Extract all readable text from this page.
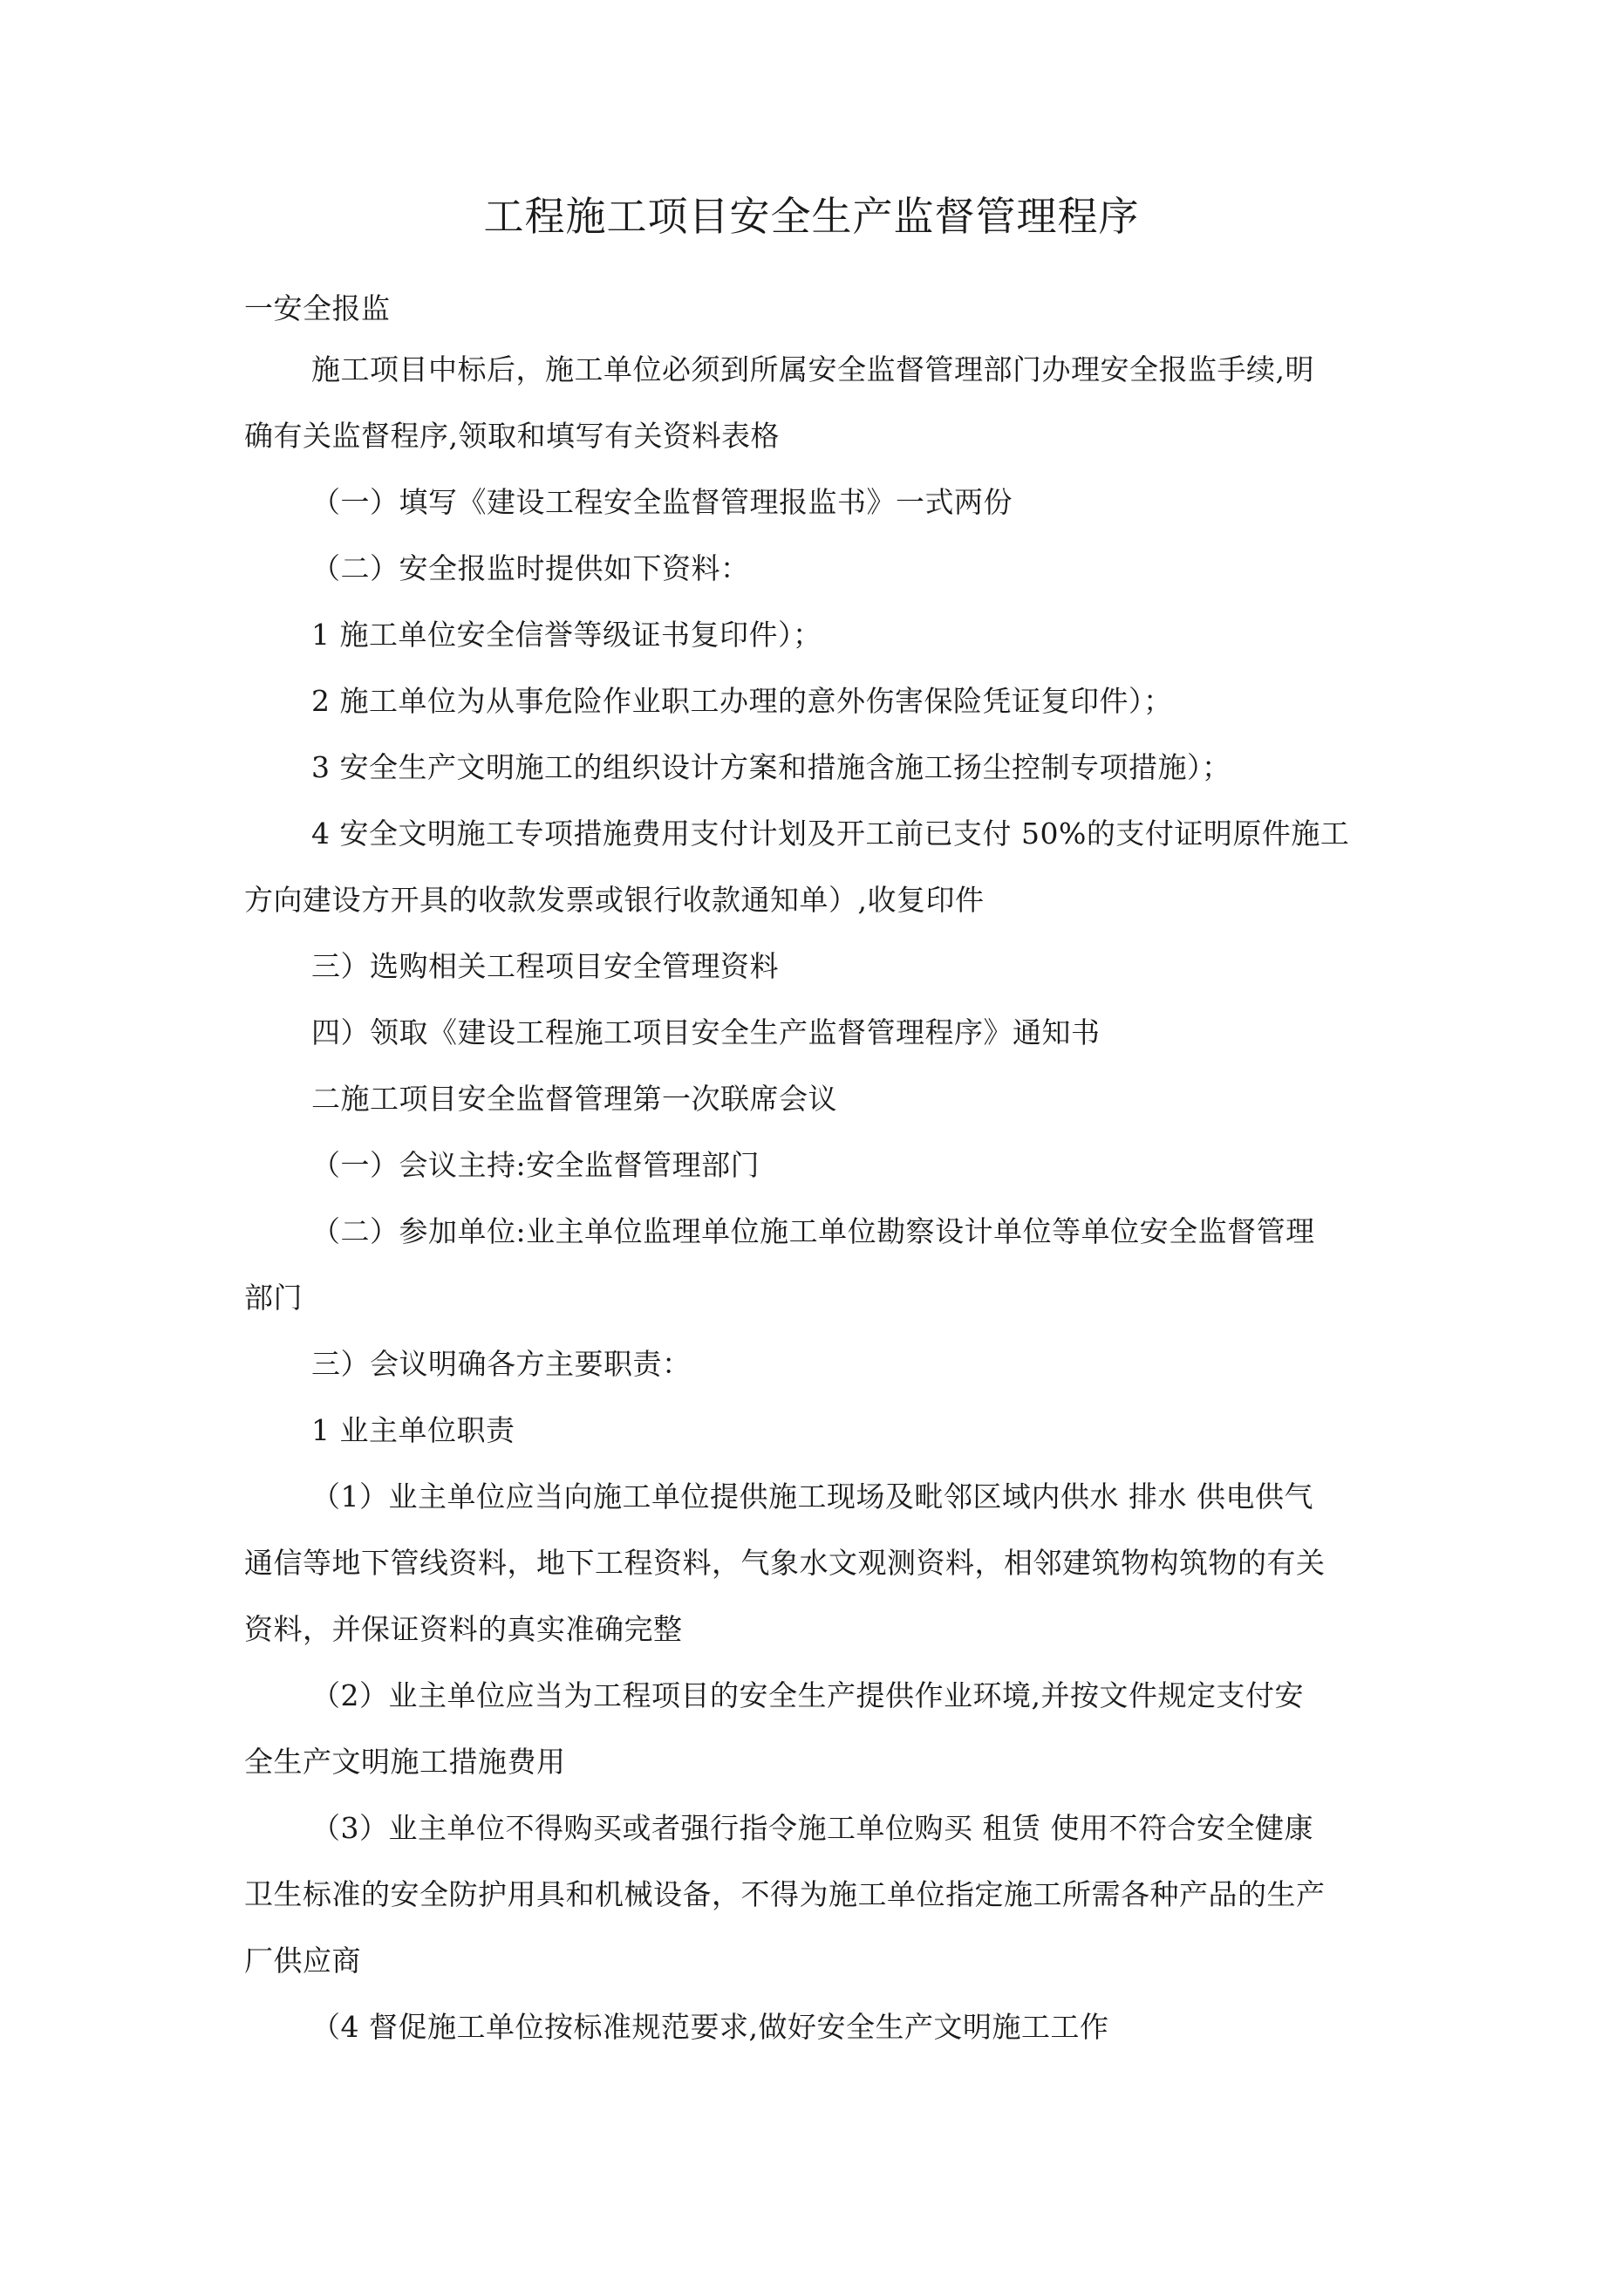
工程施工项目安全生产监督管理程序
一安全报监
施工项目中标后，施工单位必须到所属安全监督管理部门办理安全报监手续,明
确有关监督程序,领取和填写有关资料表格
（一）填写《建设工程安全监督管理报监书》一式两份
（二）安全报监时提供如下资料：
1 施工单位安全信誉等级证书复印件）；
2 施工单位为从事危险作业职工办理的意外伤害保险凭证复印件）；
3 安全生产文明施工的组织设计方案和措施含施工扬尘控制专项措施）；
4 安全文明施工专项措施费用支付计划及开工前已支付 50%的支付证明原件施工
方向建设方开具的收款发票或银行收款通知单）,收复印件
三）选购相关工程项目安全管理资料
四）领取《建设工程施工项目安全生产监督管理程序》通知书
二施工项目安全监督管理第一次联席会议
（一）会议主持:安全监督管理部门
（二）参加单位:业主单位监理单位施工单位勘察设计单位等单位安全监督管理
部门
三）会议明确各方主要职责：
1 业主单位职责
（1）业主单位应当向施工单位提供施工现场及毗邻区域内供水 排水 供电供气
通信等地下管线资料，地下工程资料，气象水文观测资料，相邻建筑物构筑物的有关
资料，并保证资料的真实准确完整
（2）业主单位应当为工程项目的安全生产提供作业环境,并按文件规定支付安
全生产文明施工措施费用
（3）业主单位不得购买或者强行指令施工单位购买 租赁 使用不符合安全健康
卫生标准的安全防护用具和机械设备，不得为施工单位指定施工所需各种产品的生产
厂供应商
（4 督促施工单位按标准规范要求,做好安全生产文明施工工作
